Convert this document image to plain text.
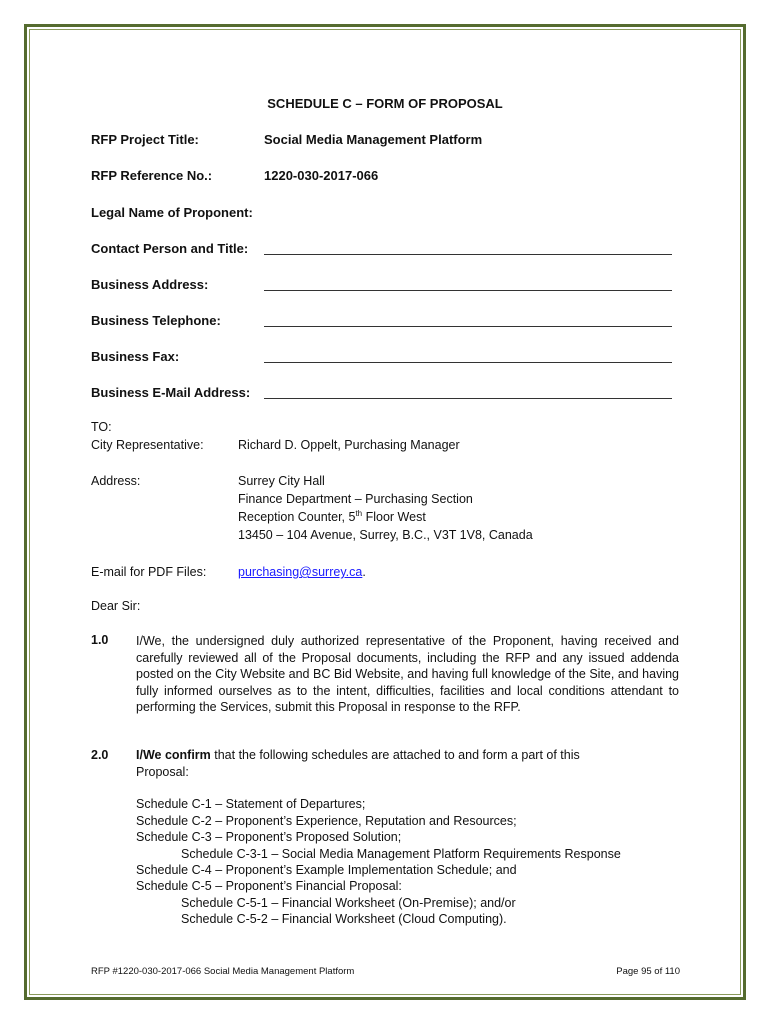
SCHEDULE C – FORM OF PROPOSAL
RFP Project Title:	Social Media Management Platform
RFP Reference No.:	1220-030-2017-066
Legal Name of Proponent:
Contact Person and Title:
Business Address:
Business Telephone:
Business Fax:
Business E-Mail Address:
TO:
City Representative:	Richard D. Oppelt, Purchasing Manager
Address:	Surrey City Hall
Finance Department – Purchasing Section
Reception Counter, 5th Floor West
13450 – 104 Avenue, Surrey, B.C., V3T 1V8, Canada
E-mail for PDF Files:	purchasing@surrey.ca.
Dear Sir:
1.0 I/We, the undersigned duly authorized representative of the Proponent, having received and carefully reviewed all of the Proposal documents, including the RFP and any issued addenda posted on the City Website and BC Bid Website, and having full knowledge of the Site, and having fully informed ourselves as to the intent, difficulties, facilities and local conditions attendant to performing the Services, submit this Proposal in response to the RFP.
2.0 I/We confirm that the following schedules are attached to and form a part of this
Proposal:
Schedule C-1 – Statement of Departures;
Schedule C-2 – Proponent’s Experience, Reputation and Resources;
Schedule C-3 – Proponent’s Proposed Solution;
Schedule C-3-1 – Social Media Management Platform Requirements Response
Schedule C-4 – Proponent’s Example Implementation Schedule; and
Schedule C-5 – Proponent’s Financial Proposal:
Schedule C-5-1 – Financial Worksheet (On-Premise); and/or
Schedule C-5-2 – Financial Worksheet (Cloud Computing).
RFP #1220-030-2017-066 Social Media Management Platform	Page 95 of 110
